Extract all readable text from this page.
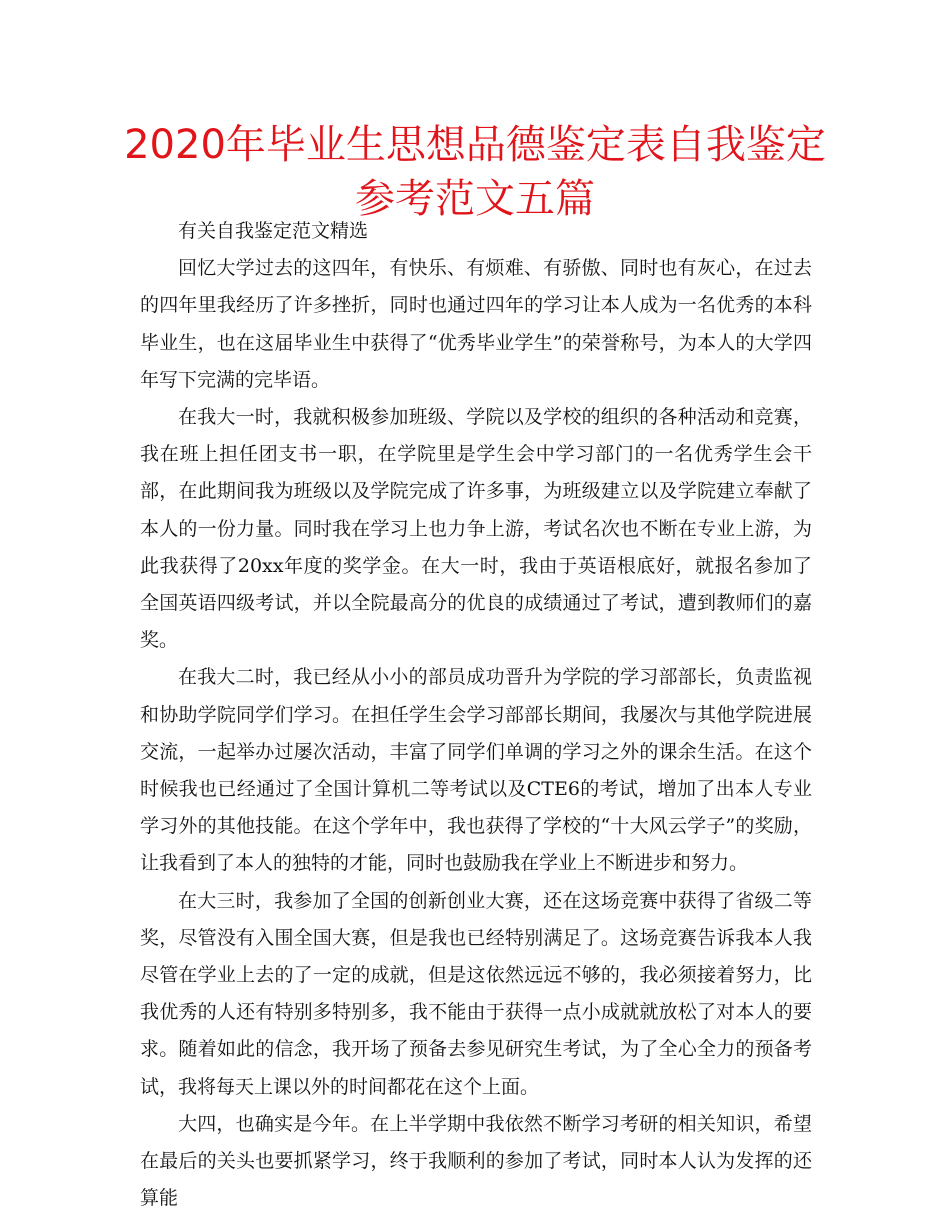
2020年毕业生思想品德鉴定表自我鉴定参考范文五篇

有关自我鉴定范文精选

回忆大学过去的这四年，有快乐、有烦难、有骄傲、同时也有灰心，在过去的四年里我经历了许多挫折，同时也通过四年的学习让本人成为一名优秀的本科毕业生，也在这届毕业生中获得了“优秀毕业学生”的荣誉称号，为本人的大学四年写下完满的完毕语。

在我大一时，我就积极参加班级、学院以及学校的组织的各种活动和竞赛，我在班上担任团支书一职，在学院里是学生会中学习部门的一名优秀学生会干部，在此期间我为班级以及学院完成了许多事，为班级建立以及学院建立奉献了本人的一份力量。同时我在学习上也力争上游，考试名次也不断在专业上游，为此我获得了20xx年度的奖学金。在大一时，我由于英语根底好，就报名参加了全国英语四级考试，并以全院最高分的优良的成绩通过了考试，遭到教师们的嘉奖。

在我大二时，我已经从小小的部员成功晋升为学院的学习部部长，负责监视和协助学院同学们学习。在担任学生会学习部部长期间，我屡次与其他学院进展交流，一起举办过屡次活动，丰富了同学们单调的学习之外的课余生活。在这个时候我也已经通过了全国计算机二等考试以及CTE6的考试，增加了出本人专业学习外的其他技能。在这个学年中，我也获得了学校的“十大风云学子”的奖励，让我看到了本人的独特的才能，同时也鼓励我在学业上不断进步和努力。

在大三时，我参加了全国的创新创业大赛，还在这场竞赛中获得了省级二等奖，尽管没有入围全国大赛，但是我也已经特别满足了。这场竞赛告诉我本人我尽管在学业上去的了一定的成就，但是这依然远远不够的，我必须接着努力，比我优秀的人还有特别多特别多，我不能由于获得一点小成就就放松了对本人的要求。随着如此的信念，我开场了预备去参见研究生考试，为了全心全力的预备考试，我将每天上课以外的时间都花在这个上面。

大四，也确实是今年。在上半学期中我依然不断学习考研的相关知识，希望在最后的关头也要抓紧学习，终于我顺利的参加了考试，同时本人认为发挥的还算能
